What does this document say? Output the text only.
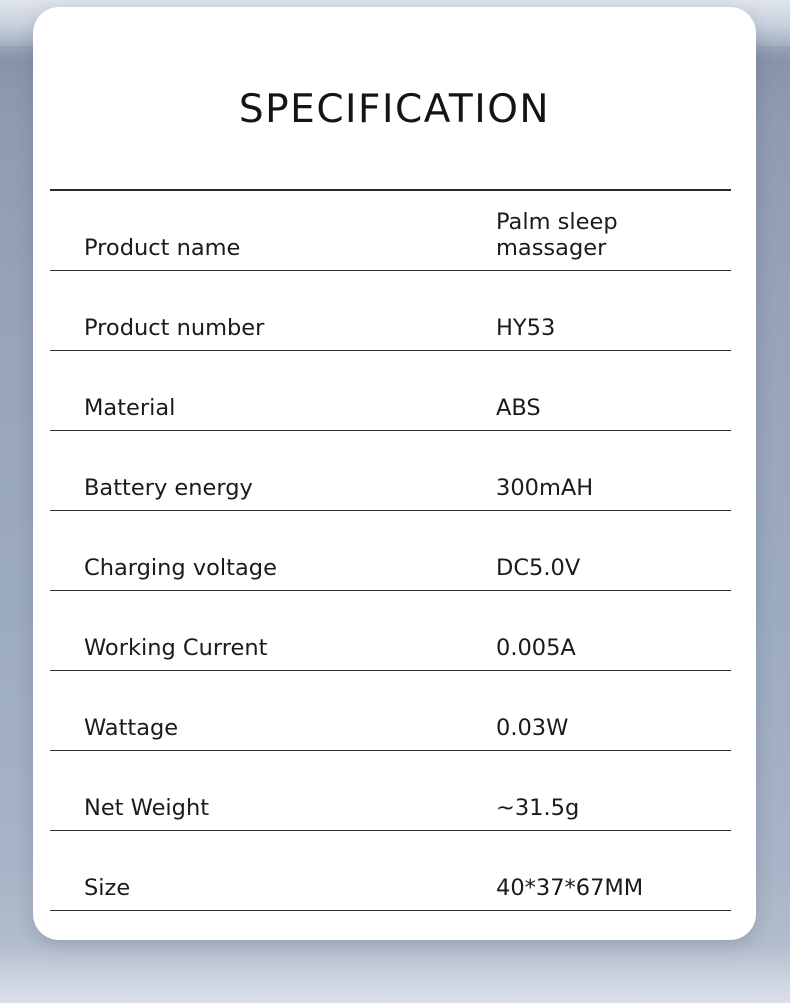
SPECIFICATION

Product name	Palm sleep massager
Product number	HY53
Material	ABS
Battery energy	300mAH
Charging voltage	DC5.0V
Working Current	0.005A
Wattage	0.03W
Net Weight	~31.5g
Size	40*37*67MM
